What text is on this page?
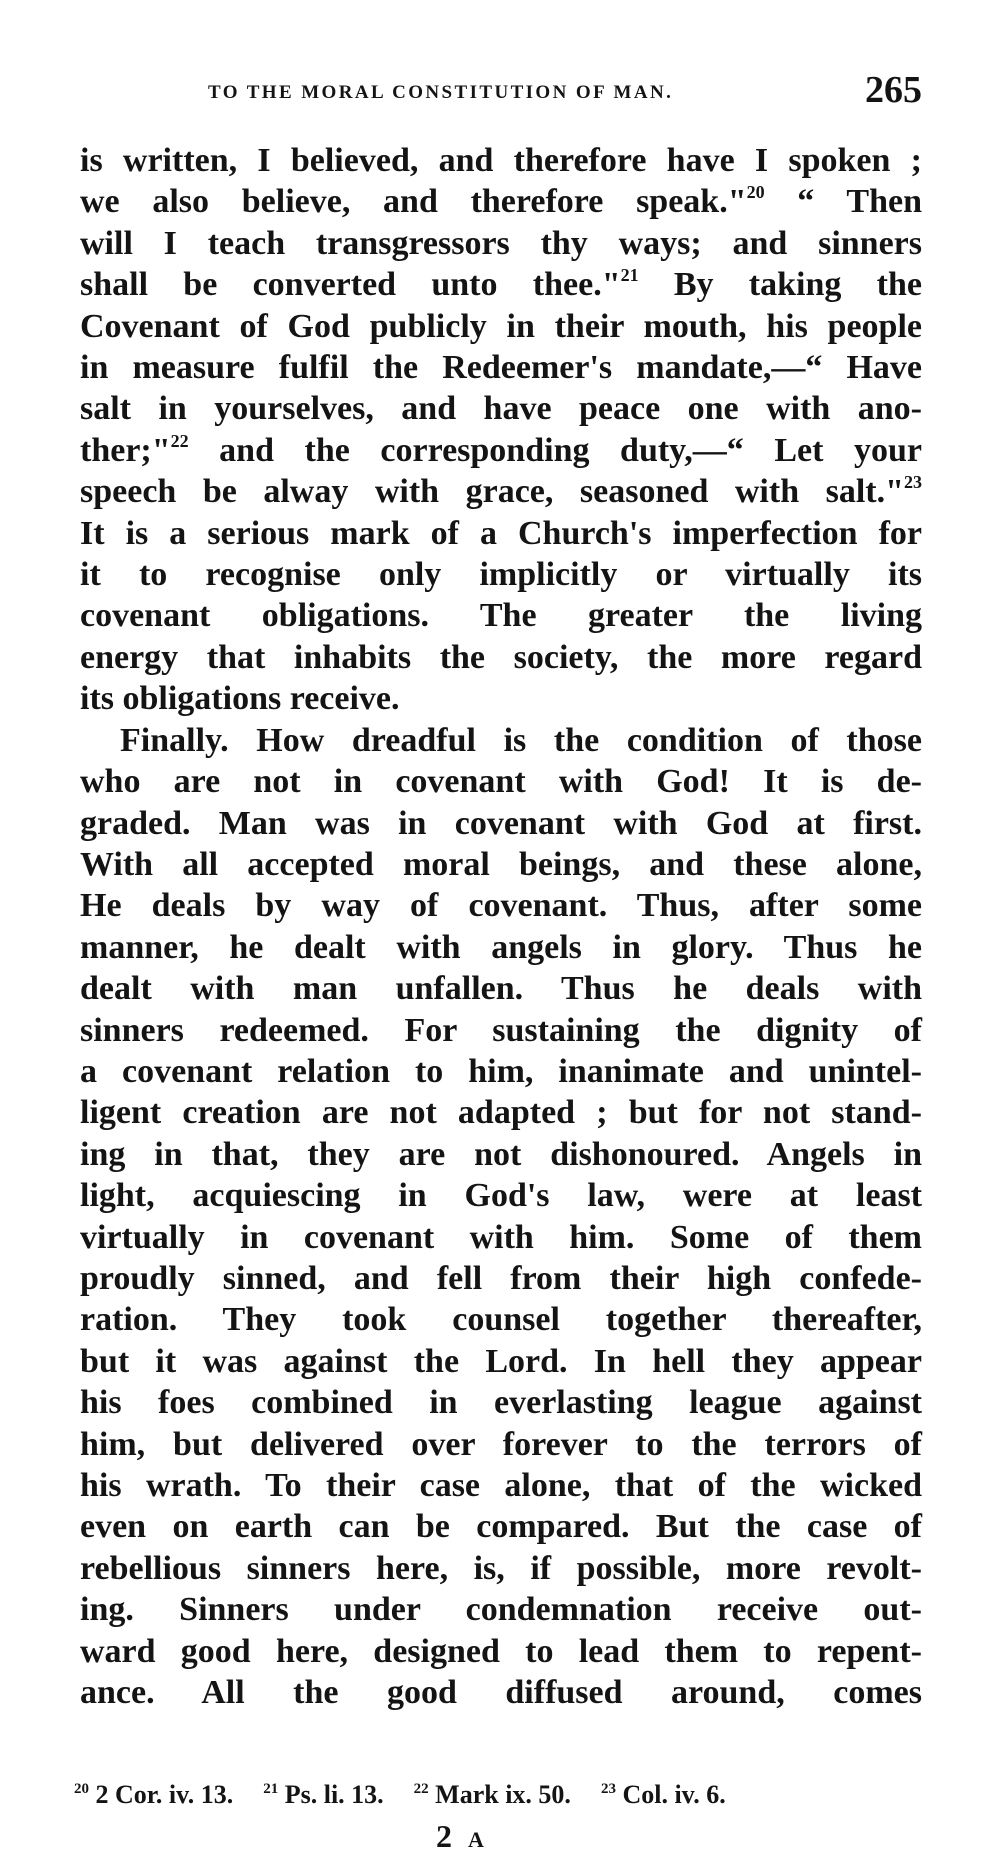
TO THE MORAL CONSTITUTION OF MAN.	265

is written, I believed, and therefore have I spoken ;

we also believe, and therefore speak."$^{20}$ “ Then

will I teach transgressors thy ways; and sinners

shall be converted unto thee."$^{21}$ By taking the

Covenant of God publicly in their mouth, his people

in measure fulfil the Redeemer's mandate,—“ Have

salt in yourselves, and have peace one with ano-

ther;"$^{22}$ and the corresponding duty,—“ Let your

speech be alway with grace, seasoned with salt."$^{23}$

It is a serious mark of a Church's imperfection for

it to recognise only implicitly or virtually its

covenant obligations. The greater the living

energy that inhabits the society, the more regard

its obligations receive.

Finally. How dreadful is the condition of those

who are not in covenant with God! It is de-

graded. Man was in covenant with God at first.

With all accepted moral beings, and these alone,

He deals by way of covenant. Thus, after some

manner, he dealt with angels in glory. Thus he

dealt with man unfallen. Thus he deals with

sinners redeemed. For sustaining the dignity of

a covenant relation to him, inanimate and unintel-

ligent creation are not adapted ; but for not stand-

ing in that, they are not dishonoured. Angels in

light, acquiescing in God's law, were at least

virtually in covenant with him. Some of them

proudly sinned, and fell from their high confede-

ration. They took counsel together thereafter,

but it was against the Lord. In hell they appear

his foes combined in everlasting league against

him, but delivered over forever to the terrors of

his wrath. To their case alone, that of the wicked

even on earth can be compared. But the case of

rebellious sinners here, is, if possible, more revolt-

ing. Sinners under condemnation receive out-

ward good here, designed to lead them to repent-

ance. All the good diffused around, comes

$^{20}$ 2 Cor. iv. 13. $^{21}$ Ps. li. 13. $^{22}$ Mark ix. 50. $^{23}$ Col. iv. 6.
2 A
